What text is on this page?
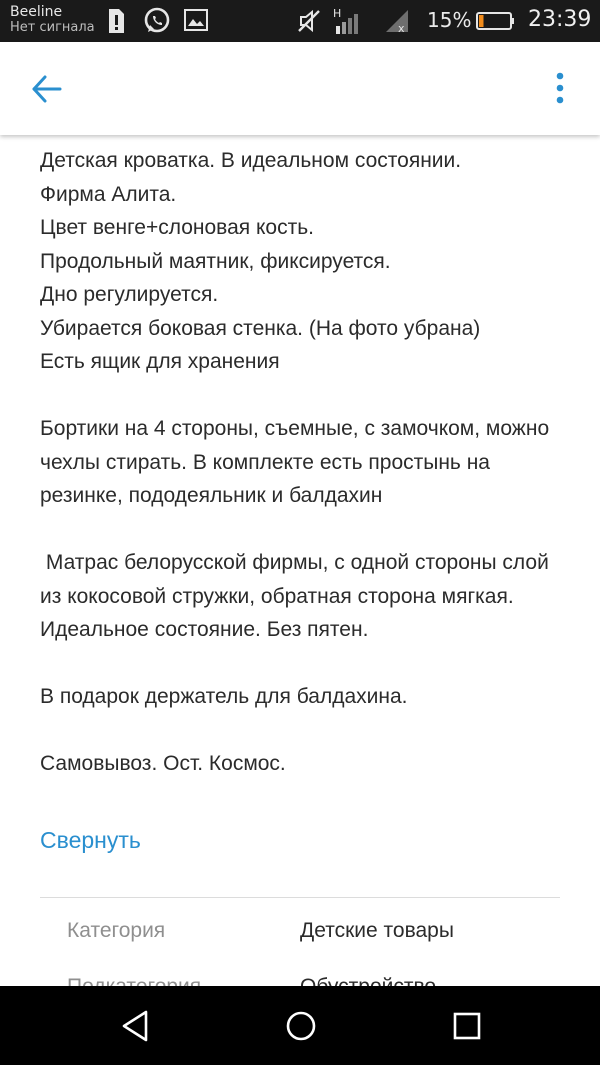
Beeline
Нет сигнала
H
x 15%	23:39

Детская кроватка. В идеальном состоянии.
Фирма Алита.
Цвет венге+слоновая кость.
Продольный маятник, фиксируется.
Дно регулируется.
Убирается боковая стенка. (На фото убрана)
Есть ящик для хранения

Бортики на 4 стороны, съемные, с замочком, можно чехлы стирать. В комплекте есть простынь на резинке, пододеяльник и балдахин

Матрас белорусской фирмы, с одной стороны слой из кокосовой стружки, обратная сторона мягкая. Идеальное состояние. Без пятен.

В подарок держатель для балдахина.

Самовывоз. Ост. Космос.

Свернуть
Категория	Детские товары
